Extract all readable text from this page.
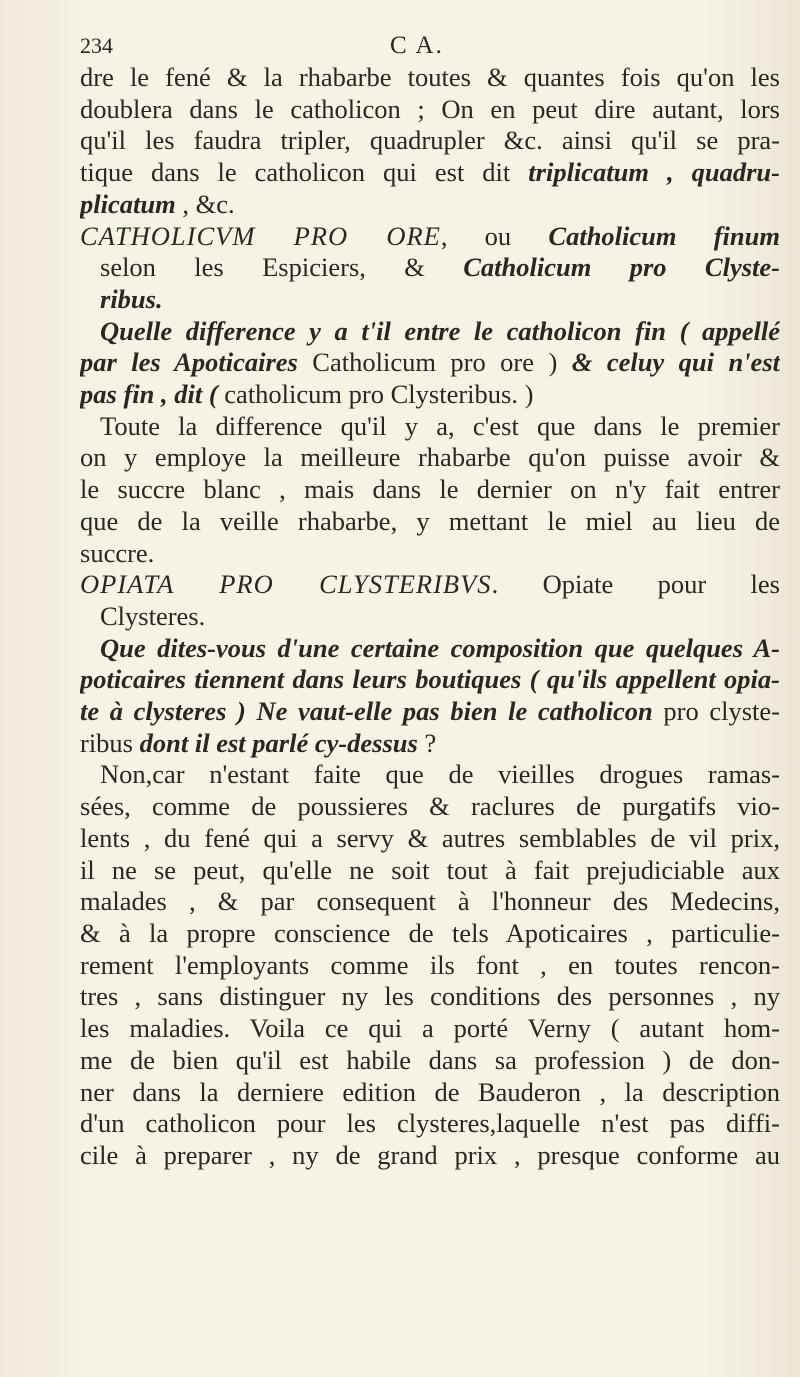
234	C A.
dre le fené & la rhabarbe toutes & quantes fois qu'on les
doublera dans le catholicon ; On en peut dire autant, lors
qu'il les faudra tripler, quadrupler &c. ainsi qu'il se pra-
tique dans le catholicon qui est dit triplicatum , quadru-
plicatum , &c.
CATHOLICVM PRO ORE, ou Catholicum finum
selon les Espiciers, & Catholicum pro Clyste-
ribus.
Quelle difference y a t'il entre le catholicon fin ( appellé
par les Apoticaires Catholicum pro ore ) & celuy qui n'est
pas fin , dit ( catholicum pro Clysteribus. )
Toute la difference qu'il y a, c'est que dans le premier
on y employe la meilleure rhabarbe qu'on puisse avoir &
le succre blanc , mais dans le dernier on n'y fait entrer
que de la veille rhabarbe, y mettant le miel au lieu de
succre.
OPIATA PRO CLYSTERIBVS. Opiate pour les
Clysteres.
Que dites-vous d'une certaine composition que quelques A-
poticaires tiennent dans leurs boutiques ( qu'ils appellent opia-
te à clysteres ) Ne vaut-elle pas bien le catholicon pro clyste-
ribus dont il est parlé cy-dessus ?
Non,car n'estant faite que de vieilles drogues ramas-
sées, comme de poussieres & raclures de purgatifs vio-
lents , du fené qui a servy & autres semblables de vil prix,
il ne se peut, qu'elle ne soit tout à fait prejudiciable aux
malades , & par consequent à l'honneur des Medecins,
& à la propre conscience de tels Apoticaires , particulie-
rement l'employants comme ils font , en toutes rencon-
tres , sans distinguer ny les conditions des personnes , ny
les maladies. Voila ce qui a porté Verny ( autant hom-
me de bien qu'il est habile dans sa profession ) de don-
ner dans la derniere edition de Bauderon , la description
d'un catholicon pour les clysteres,laquelle n'est pas diffi-
cile à preparer , ny de grand prix , presque conforme au
